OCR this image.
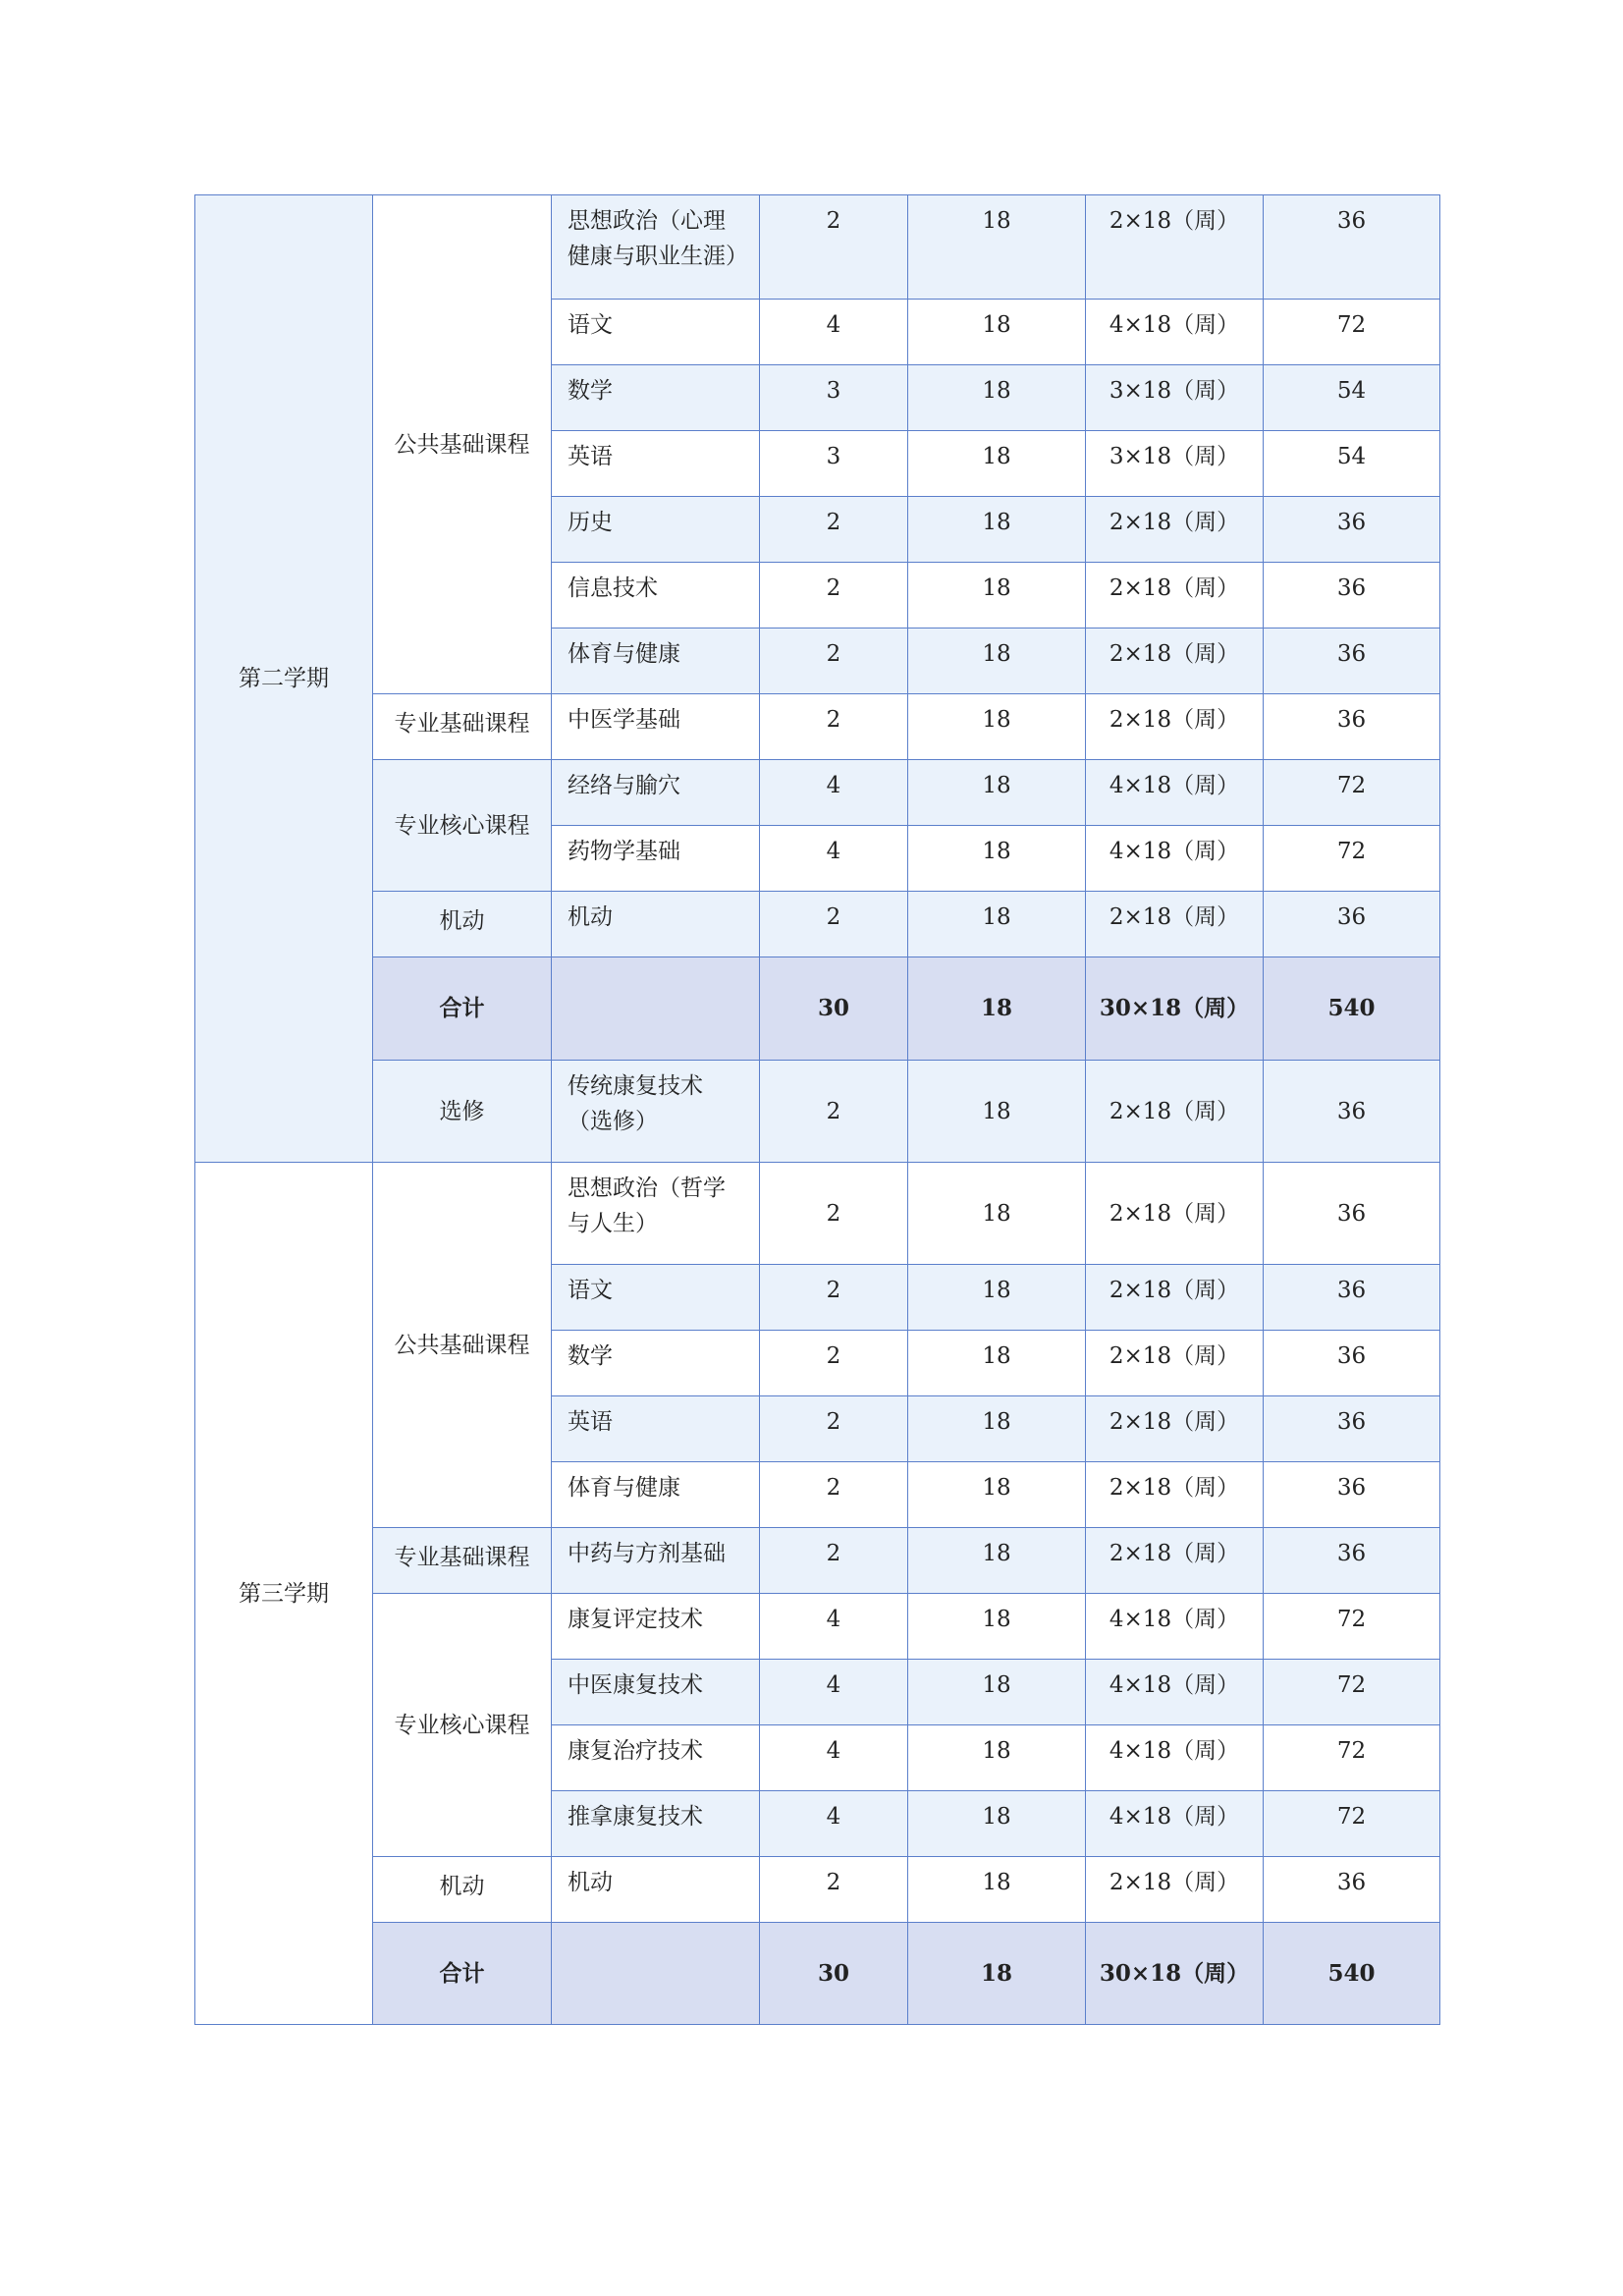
第二学期	公共基础课程	思想政治（心理健康与职业生涯）	2	18	2×18（周）	36
		语文	4	18	4×18（周）	72
		数学	3	18	3×18（周）	54
		英语	3	18	3×18（周）	54
		历史	2	18	2×18（周）	36
		信息技术	2	18	2×18（周）	36
		体育与健康	2	18	2×18（周）	36
	专业基础课程	中医学基础	2	18	2×18（周）	36
	专业核心课程	经络与腧穴	4	18	4×18（周）	72
		药物学基础	4	18	4×18（周）	72
	机动	机动	2	18	2×18（周）	36
	合计		30	18	30×18（周）	540
	选修	传统康复技术（选修）	2	18	2×18（周）	36
第三学期	公共基础课程	思想政治（哲学与人生）	2	18	2×18（周）	36
		语文	2	18	2×18（周）	36
		数学	2	18	2×18（周）	36
		英语	2	18	2×18（周）	36
		体育与健康	2	18	2×18（周）	36
	专业基础课程	中药与方剂基础	2	18	2×18（周）	36
	专业核心课程	康复评定技术	4	18	4×18（周）	72
		中医康复技术	4	18	4×18（周）	72
		康复治疗技术	4	18	4×18（周）	72
		推拿康复技术	4	18	4×18（周）	72
	机动	机动	2	18	2×18（周）	36
	合计		30	18	30×18（周）	540
